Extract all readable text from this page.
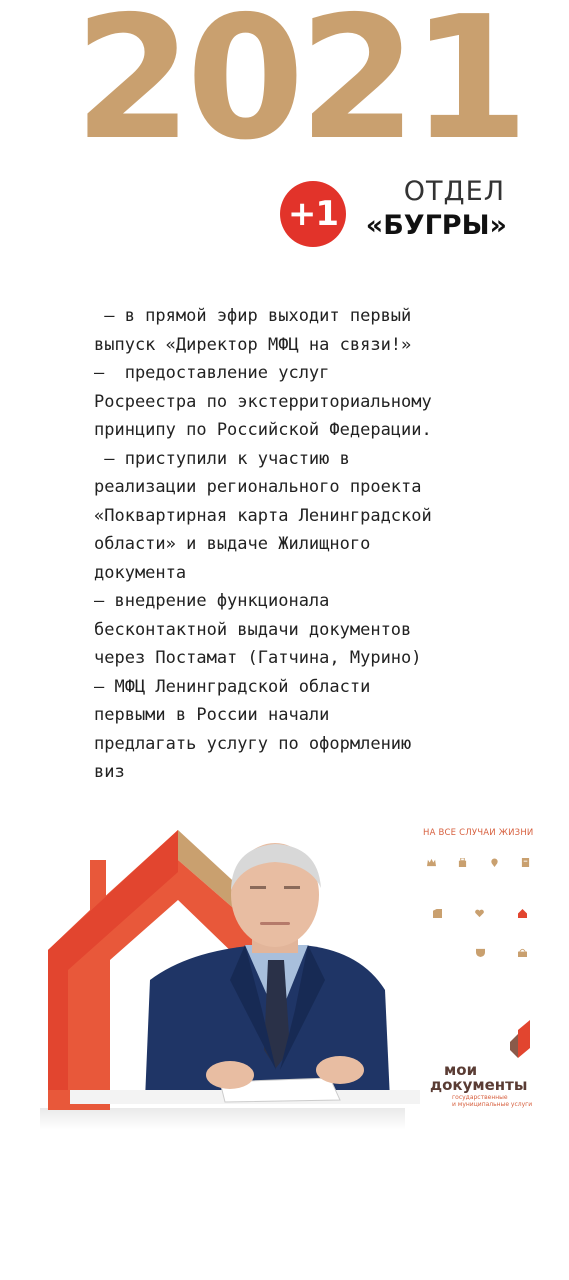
2021
+1
ОТДЕЛ
«БУГРЫ»
— в прямой эфир выходит первый
выпуск «Директор МФЦ на связи!»
—  предоставление услуг
Росреестра по экстерриториальному
принципу по Российской Федерации.
— приступили к участию в
реализации регионального проекта
«Поквартирная карта Ленинградской
области» и выдаче Жилищного
документа
— внедрение функционала
бесконтактной выдачи документов
через Постамат (Гатчина, Мурино)
— МФЦ Ленинградской области
первыми в России начали
предлагать услугу по оформлению
виз
НА ВСЕ СЛУЧАИ ЖИЗНИ
мои
документы
государственные
и муниципальные услуги
